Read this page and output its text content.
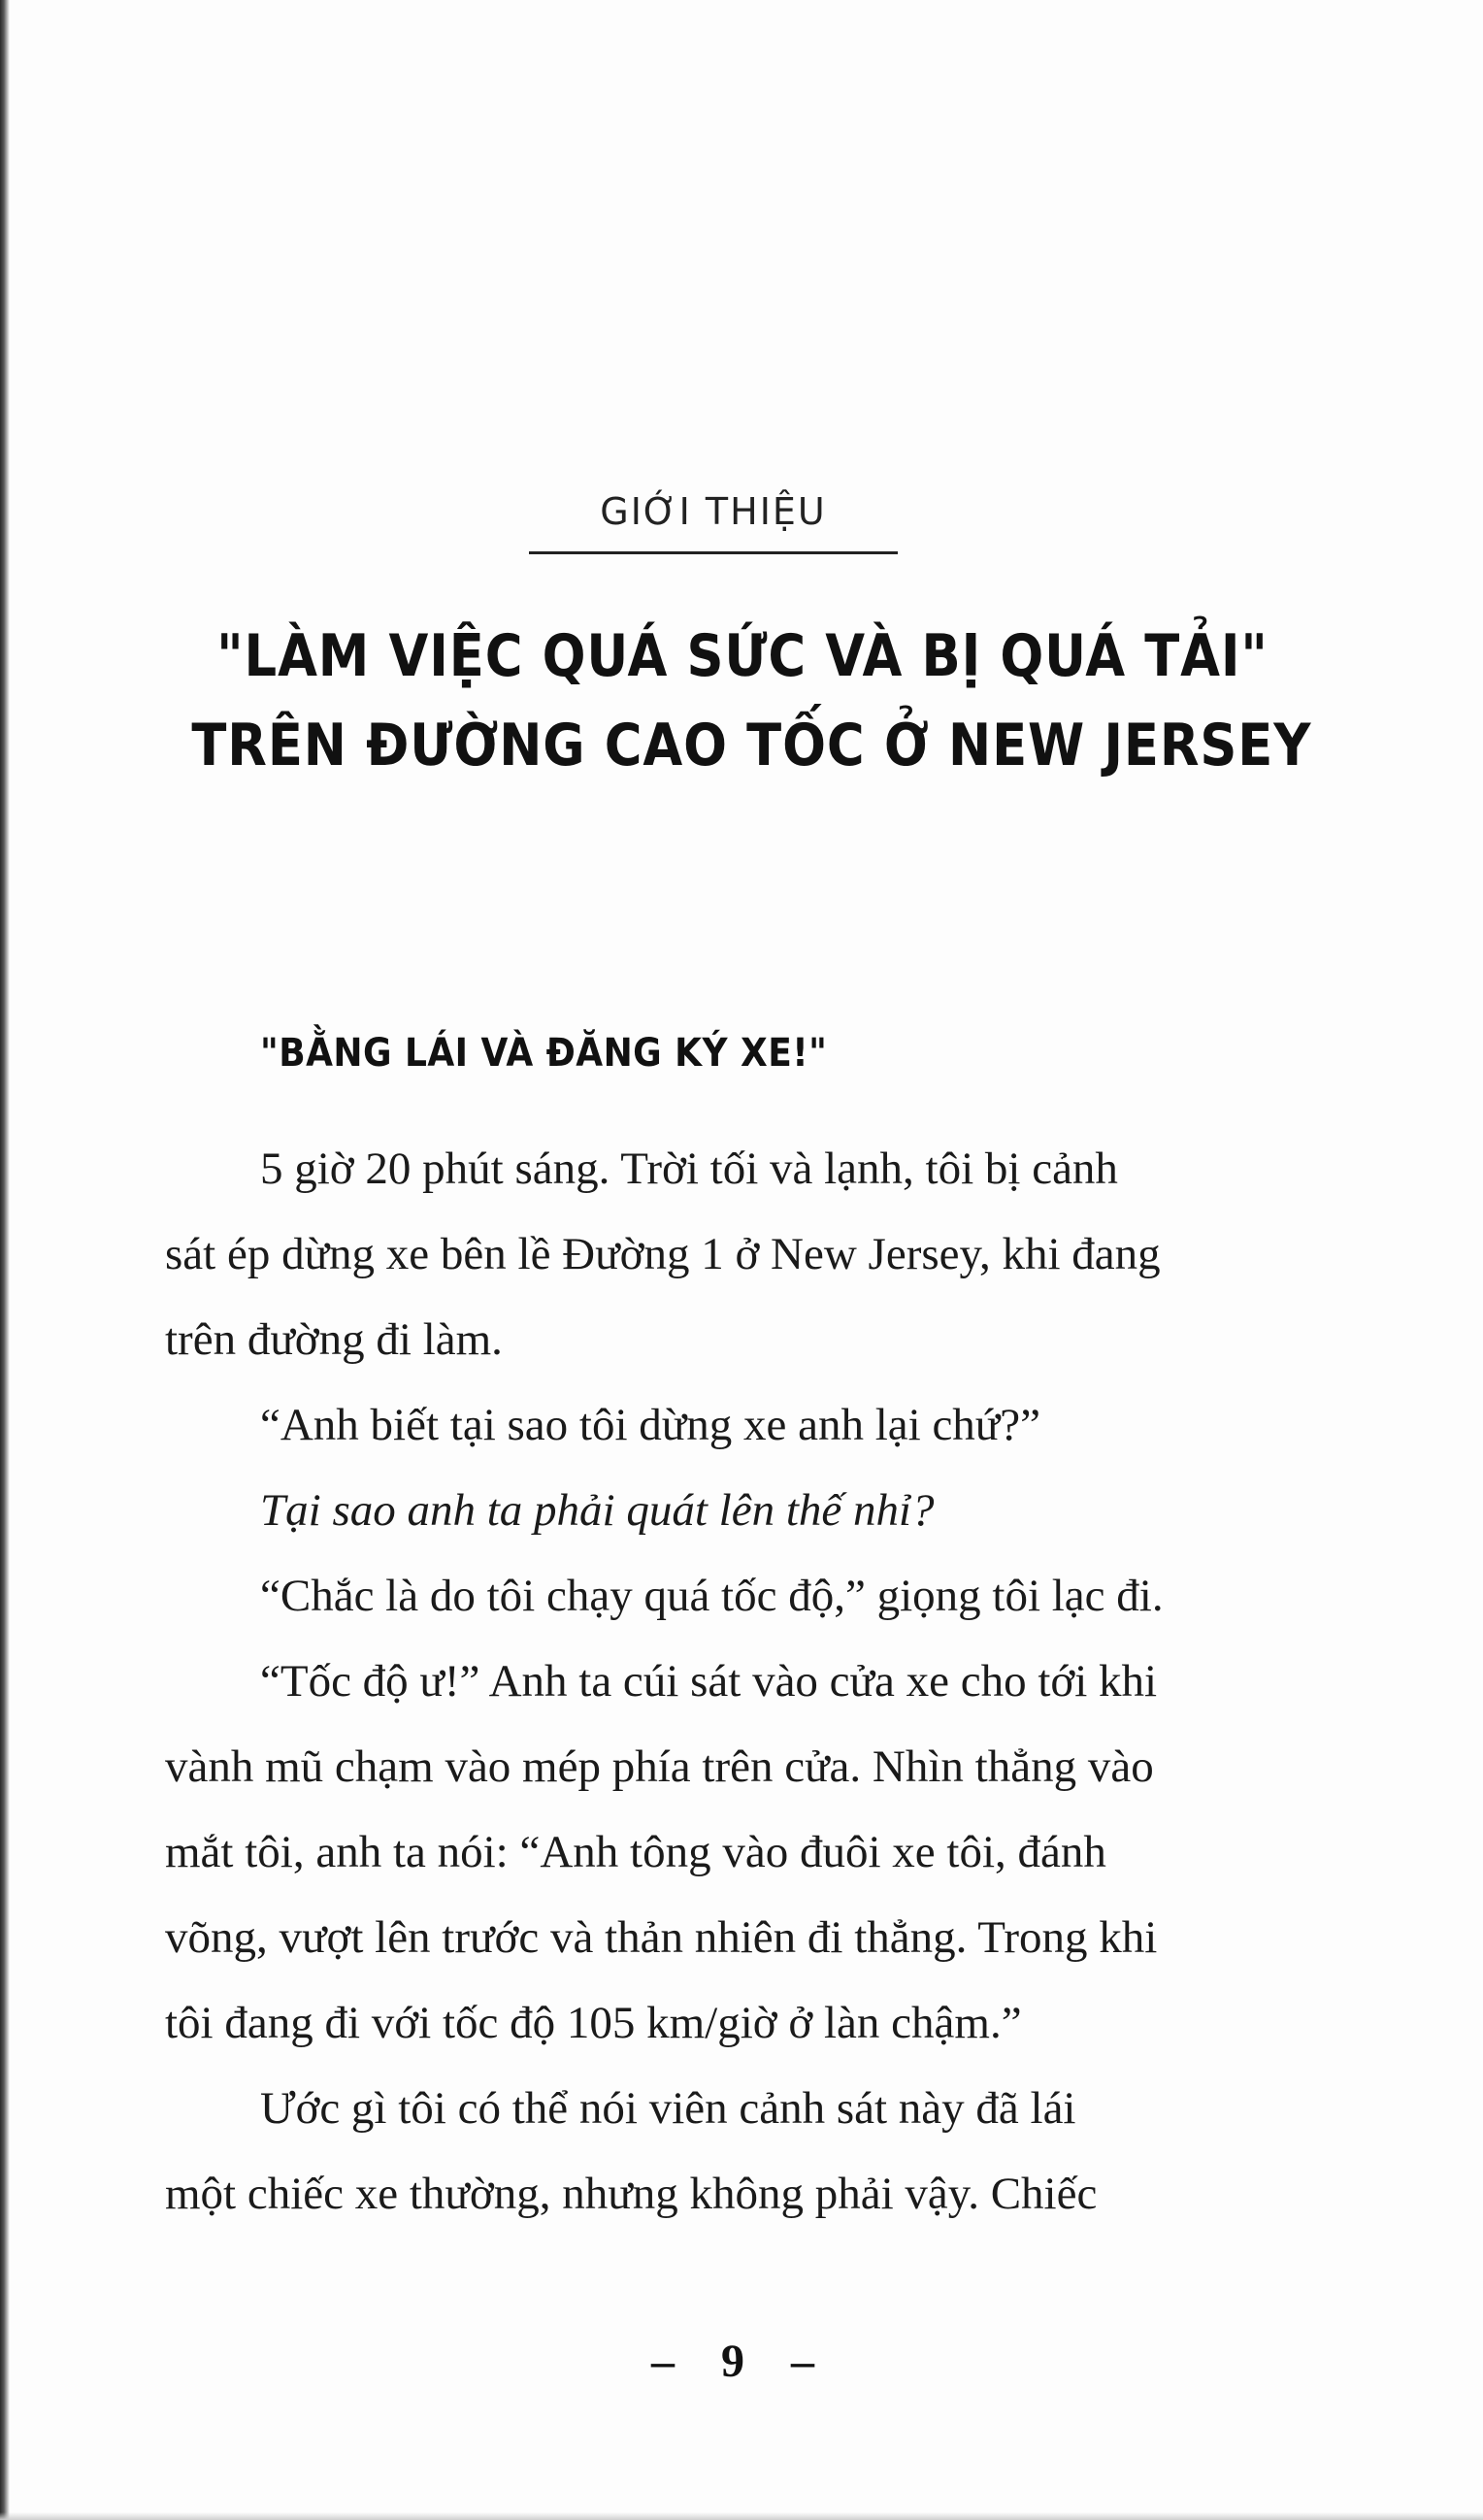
GIỚI THIỆU
"LÀM VIỆC QUÁ SỨC VÀ BỊ QUÁ TẢI"
TRÊN ĐƯỜNG CAO TỐC Ở NEW JERSEY
"BẰNG LÁI VÀ ĐĂNG KÝ XE!"

5 giờ 20 phút sáng. Trời tối và lạnh, tôi bị cảnh
sát ép dừng xe bên lề Đường 1 ở New Jersey, khi đang
trên đường đi làm.

“Anh biết tại sao tôi dừng xe anh lại chứ?”

Tại sao anh ta phải quát lên thế nhỉ?

“Chắc là do tôi chạy quá tốc độ,” giọng tôi lạc đi.

“Tốc độ ư!” Anh ta cúi sát vào cửa xe cho tới khi
vành mũ chạm vào mép phía trên cửa. Nhìn thẳng vào
mắt tôi, anh ta nói: “Anh tông vào đuôi xe tôi, đánh
võng, vượt lên trước và thản nhiên đi thẳng. Trong khi
tôi đang đi với tốc độ 105 km/giờ ở làn chậm.”

Ước gì tôi có thể nói viên cảnh sát này đã lái
một chiếc xe thường, nhưng không phải vậy. Chiếc

– 9 –
